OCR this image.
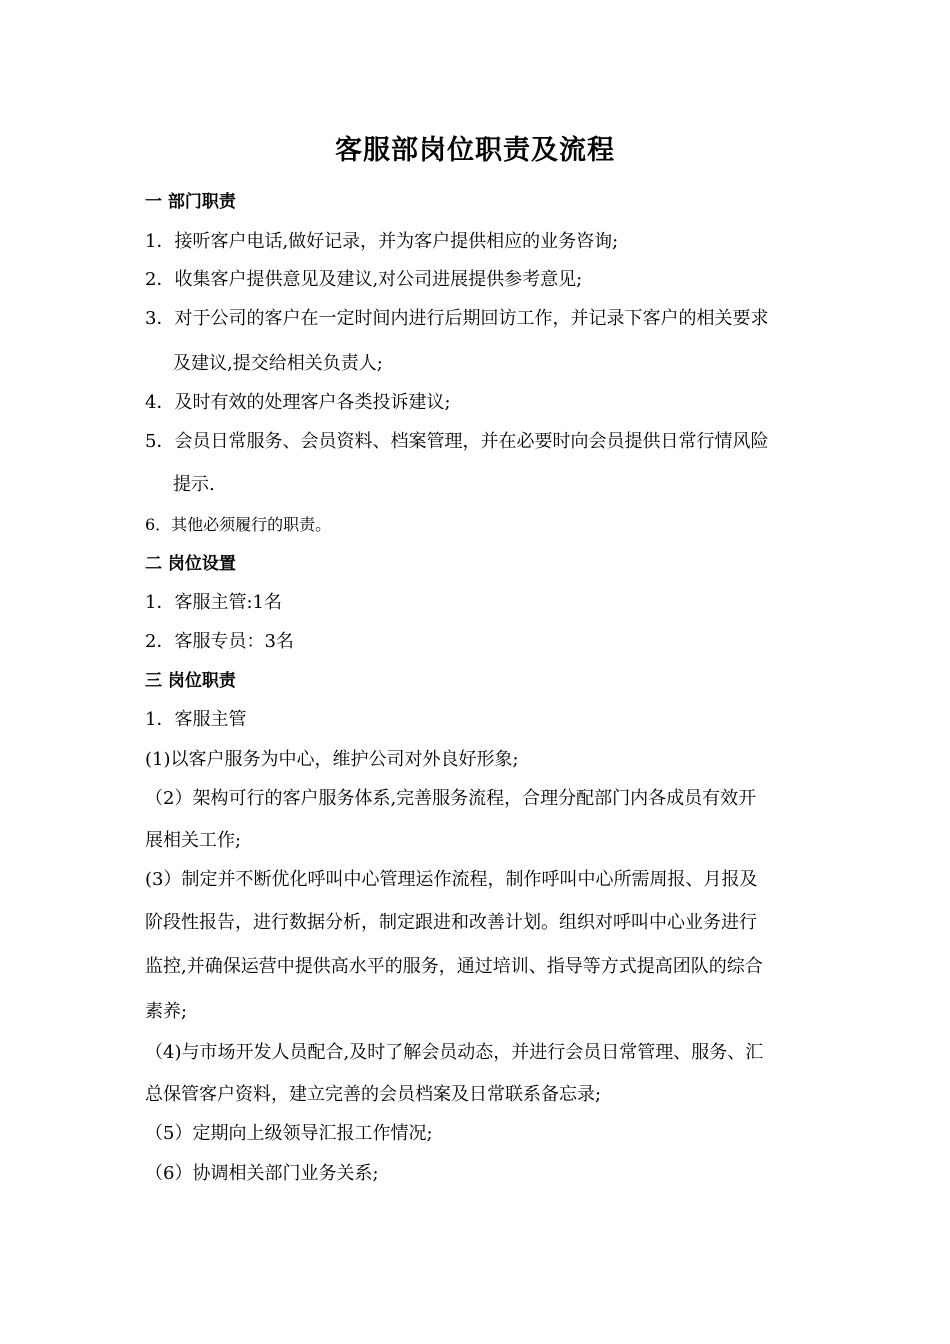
客服部岗位职责及流程
一 部门职责
1．接听客户电话,做好记录，并为客户提供相应的业务咨询;
2．收集客户提供意见及建议,对公司进展提供参考意见;
3．对于公司的客户在一定时间内进行后期回访工作，并记录下客户的相关要求
及建议,提交给相关负责人;
4．及时有效的处理客户各类投诉建议;
5．会员日常服务、会员资料、档案管理，并在必要时向会员提供日常行情风险
提示.
6．其他必须履行的职责。
二 岗位设置
1．客服主管:1名
2．客服专员：3名
三 岗位职责
1．客服主管
(1)以客户服务为中心，维护公司对外良好形象;
（2）架构可行的客户服务体系,完善服务流程，合理分配部门内各成员有效开
展相关工作;
(3）制定并不断优化呼叫中心管理运作流程，制作呼叫中心所需周报、月报及
阶段性报告，进行数据分析，制定跟进和改善计划。组织对呼叫中心业务进行
监控,并确保运营中提供高水平的服务，通过培训、指导等方式提高团队的综合
素养;
（4)与市场开发人员配合,及时了解会员动态，并进行会员日常管理、服务、汇
总保管客户资料，建立完善的会员档案及日常联系备忘录;
（5）定期向上级领导汇报工作情况;
（6）协调相关部门业务关系;
